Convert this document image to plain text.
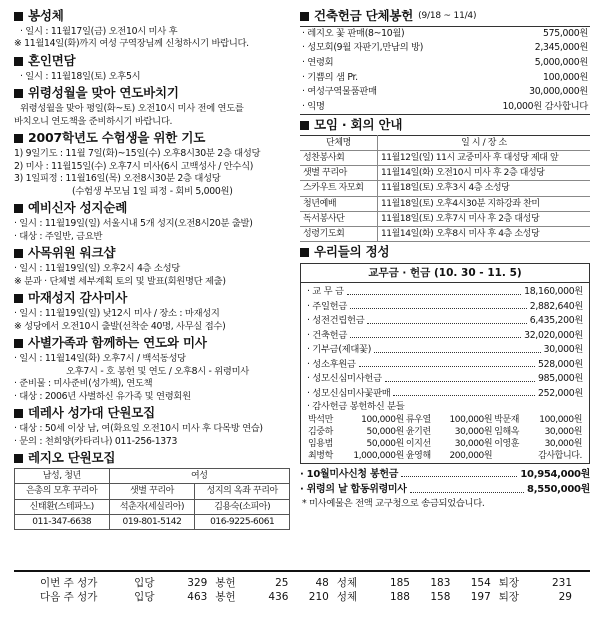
봉성체
· 일시 : 11월17일(금) 오전10시 미사 후
※ 11월14일(화)까지 여성 구역장님께 신청하시기 바랍니다.
혼인면담
· 일시 : 11월18일(토) 오후5시
위령성월을 맞아 연도바치기
위령성월을 맞아 평일(화~토) 오전10시 미사 전에 연도를
바치오니 연도책을 준비하시기 바랍니다.
2007학년도 수험생을 위한 기도
1) 9일기도 : 11월 7일(화)~15일(수) 오후8시30분 2층 대성당
2) 미사 : 11월15일(수) 오후7시 미사(6시 고백성사 / 안수식)
3) 1일피정 : 11월16일(목) 오전8시30분 2층 대성당
(수험생 부모님 1일 피정 - 회비 5,000원)
예비신자 성지순례
· 일시 : 11월19일(일) 서울시내 5개 성지(오전8시20분 출발)
· 대상 : 주일반, 금요반
사목위원 워크샵
· 일시 : 11월19일(일) 오후2시 4층 소성당
※ 분과 · 단체별 세부계획 토의 및 발표(회원명단 제출)
마재성지 감사미사
· 일시 : 11월19일(일) 낮12시 미사 / 장소 : 마재성지
※ 성당에서 오전10시 출발(선착순 40명, 사무실 접수)
사별가족과 함께하는 연도와 미사
· 일시 : 11월14일(화) 오후7시 / 백석동성당
오후7시 - 호 봉헌 및 연도 / 오후8시 - 위령미사
· 준비물 : 미사준비(성가책), 연도책
· 대상 : 2006년 사별하신 유가족 및 연령회원
데레사 성가대 단원모집
· 대상 : 50세 이상 남, 여(화요일 오전10시 미사 후 다목방 연습)
· 문의 : 천희양(카타리나) 011-256-1373
레지오 단원모집
남성, 청년	여성	
은총의 모후 꾸리아	샛별 꾸리아	성지의 옥좌 꾸리아
신태환(스테파노)	석춘자(세실리아)	김용숙(소피아)
011-347-6638	019-801-5142	016-9225-6061
건축헌금 단체봉헌 (9/18 ~ 11/4)
· 레지오 꽃 판매(8~10월)	575,000원
· 성모회(9월 자판기,만남의 방)	2,345,000원
· 연령회	5,000,000원
· 기쁨의 샘 Pr.	100,000원
· 여성구역물품판매	30,000,000원
· 익명	10,000원 감사합니다
모임 · 회의 안내
단체명	일 시 / 장 소
성찬봉사회	11월12일(일) 11시 교중미사 후 대성당 제대 앞
샛별 꾸리아	11월14일(화) 오전10시 미사 후 2층 대성당
스카우트 자모회	11월18일(토) 오후3시 4층 소성당
청년예배	11월18일(토) 오후4시30분 지하강좌 찬미
독서봉사단	11월18일(토) 오후7시 미사 후 2층 대성당
성령기도회	11월14일(화) 오후8시 미사 후 4층 소성당
우리들의 정성
교무금 · 헌금 (10. 30 - 11. 5)
· 교 무 금	18,160,000원
· 주일헌금	2,882,640원
· 성전건립헌금	6,435,200원
· 건축헌금	32,020,000원
· 기부금(제대꽃)	30,000원
· 성소후원금	528,000원
· 성모신심미사헌금	985,000원
· 성모신심미사꽃판매	252,000원
· 감사헌금 봉헌하신 분들
박석만	100,000원	류우열	100,000원	박문재	100,000원
김중하	50,000원	윤기련	30,000원	임해옥	30,000원
임용범	50,000원	이지선	30,000원	이영훈	30,000원
최병학	1,000,000원	윤영해	200,000원		감사합니다.
· 10월미사신청 봉헌금	10,954,000원
· 위령의 날 합동위령미사	8,550,000원
* 미사예물은 전액 교구청으로 송금되었습니다.
이번 주 성가	입당	329	봉헌	25	48	성체	185	183	154	퇴장	231
다음 주 성가	입당	463	봉헌	436	210	성체	188	158	197	퇴장	29
